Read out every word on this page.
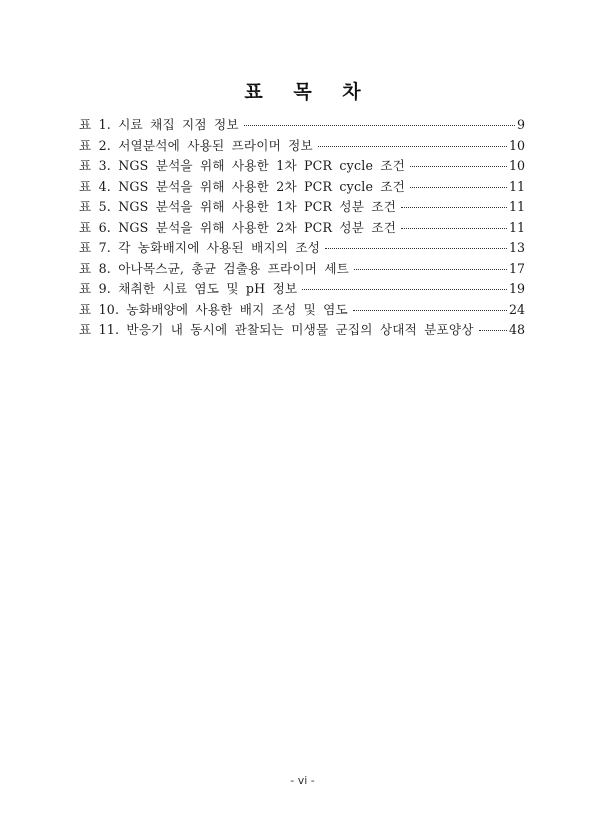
표 목 차
표 1. 시료 채집 지점 정보	9
표 2. 서열분석에 사용된 프라이머 정보	10
표 3. NGS 분석을 위해 사용한 1차 PCR cycle 조건	10
표 4. NGS 분석을 위해 사용한 2차 PCR cycle 조건	11
표 5. NGS 분석을 위해 사용한 1차 PCR 성분 조건	11
표 6. NGS 분석을 위해 사용한 2차 PCR 성분 조건	11
표 7. 각 농화배지에 사용된 배지의 조성	13
표 8. 아나목스균, 총균 검출용 프라이머 세트	17
표 9. 채취한 시료 염도 및 pH 정보	19
표 10. 농화배양에 사용한 배지 조성 및 염도	24
표 11. 반응기 내 동시에 관찰되는 미생물 군집의 상대적 분포양상	48
- vi -
